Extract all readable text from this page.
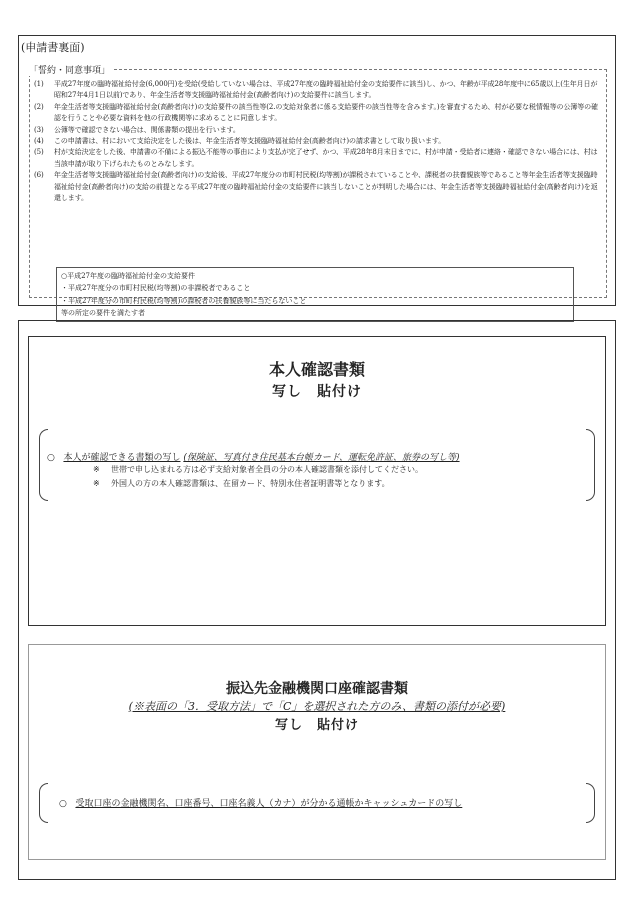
(申請書裏面)
「誓約・同意事項」
(1)	平成27年度の臨時福祉給付金(6,000円)を受給(受給していない場合は、平成27年度の臨時福祉給付金の支給要件に該当)し、かつ、年齢が平成28年度中に65歳以上(生年月日が昭和27年4月1日以前)であり、年金生活者等支援臨時福祉給付金(高齢者向け)の支給要件に該当します。
(2)	年金生活者等支援臨時福祉給付金(高齢者向け)の支給要件の該当性等(2.の支給対象者に係る支給要件の該当性等を含みます。)を審査するため、村が必要な税情報等の公簿等の確認を行うことや必要な資料を他の行政機関等に求めることに同意します。
(3)	公簿等で確認できない場合は、関係書類の提出を行います。
(4)	この申請書は、村において支給決定をした後は、年金生活者等支援臨時福祉給付金(高齢者向け)の請求書として取り扱います。
(5)	村が支給決定をした後、申請書の不備による振込不能等の事由により支払が完了せず、かつ、平成28年8月末日までに、村が申請・受給者に連絡・確認できない場合には、村は当該申請が取り下げられたものとみなします。
(6)	年金生活者等支援臨時福祉給付金(高齢者向け)の支給後、平成27年度分の市町村民税(均等割)が課税されていることや、課税者の扶養親族等であること等年金生活者等支援臨時福祉給付金(高齢者向け)の支給の前提となる平成27年度の臨時福祉給付金の支給要件に該当しないことが判明した場合には、年金生活者等支援臨時福祉給付金(高齢者向け)を返還します。
○平成27年度の臨時福祉給付金の支給要件
・平成27年度分の市町村民税(均等割)の非課税者であること
・平成27年度分の市町村民税(均等割)の課税者の扶養親族等に当たらないこと
等の所定の要件を満たす者
本人確認書類
写し　貼付け
○ 本人が確認できる書類の写し (保険証、写真付き住民基本台帳カード、運転免許証、旅券の写し等)
※ 世帯で申し込まれる方は必ず支給対象者全員の分の本人確認書類を添付してください。
※ 外国人の方の本人確認書類は、在留カード、特別永住者証明書等となります。
振込先金融機関口座確認書類
(※表面の「3．受取方法」で「C」を選択された方のみ、書類の添付が必要)
写し　貼付け
○ 受取口座の金融機関名、口座番号、口座名義人（カナ）が分かる通帳かキャッシュカードの写し
